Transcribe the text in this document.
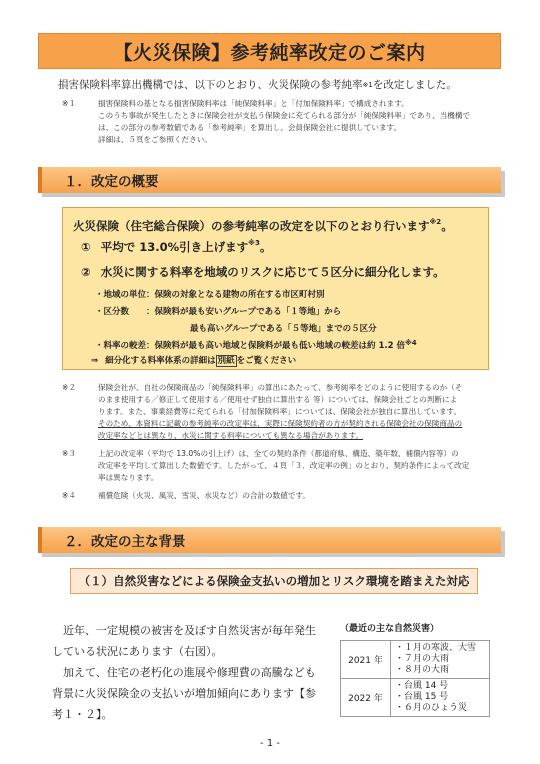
【火災保険】参考純率改定のご案内
損害保険料率算出機構では、以下のとおり、火災保険の参考純率$^{※1}$を改定しました。
※１	損害保険料の基となる損害保険料率は「純保険料率」と「付加保険料率」で構成されます。
このうち事故が発生したときに保険会社が支払う保険金に充てられる部分が「純保険料率」であり、当機構で
は、この部分の参考数値である「参考純率」を算出し、会員保険会社に提供しています。
詳細は、５頁をご参照ください。
１．改定の概要
火災保険（住宅総合保険）の参考純率の改定を以下のとおり行います$^{※2}$。
① 平均で 13.0%引き上げます$^{※3}$。
② 水災に関する料率を地域のリスクに応じて５区分に細分化します。
・地域の単位：保険の対象となる建物の所在する市区町村別
・区分数　　：保険料が最も安いグループである「１等地」から
最も高いグループである「５等地」までの５区分
・料率の較差：保険料が最も高い地域と保険料が最も低い地域の較差は約 1.2 倍$^{※4}$
⇒ 細分化する料率体系の詳細は 別紙 をご覧ください
※２	保険会社が、自社の保険商品の「純保険料率」の算出にあたって、参考純率をどのように使用するのか（そ
のまま使用する／修正して使用する／使用せず独自に算出する 等）については、保険会社ごとの判断によ
ります。また、事業経費等に充てられる「付加保険料率」については、保険会社が独自に算出しています。
そのため、本資料に記載の参考純率の改定率は、実際に保険契約者の方が契約される保険会社の保険商品の
改定率などとは異なり、水災に関する料率についても異なる場合があります。
※３	上記の改定率（平均で 13.0%の引上げ）は、全ての契約条件（都道府県、構造、築年数、補償内容等）の
改定率を平均して算出した数値です。したがって、４頁「３．改定率の例」のとおり、契約条件によって改定
率は異なります。
※４	補償危険（火災、風災、雪災、水災など）の合計の数値です。
２．改定の主な背景
（１）自然災害などによる保険金支払いの増加とリスク環境を踏まえた対応
　近年、一定規模の被害を及ぼす自然災害が毎年発生
している状況にあります（右図）。
　加えて、住宅の老朽化の進展や修理費の高騰なども
背景に火災保険金の支払いが増加傾向にあります【参
考１・２】。
（最近の主な自然災害）
2021 年	・１月の寒波、大雪
・７月の大雨
・８月の大雨

2022 年	・台風 14 号
・台風 15 号
・６月のひょう災
- 1 -
